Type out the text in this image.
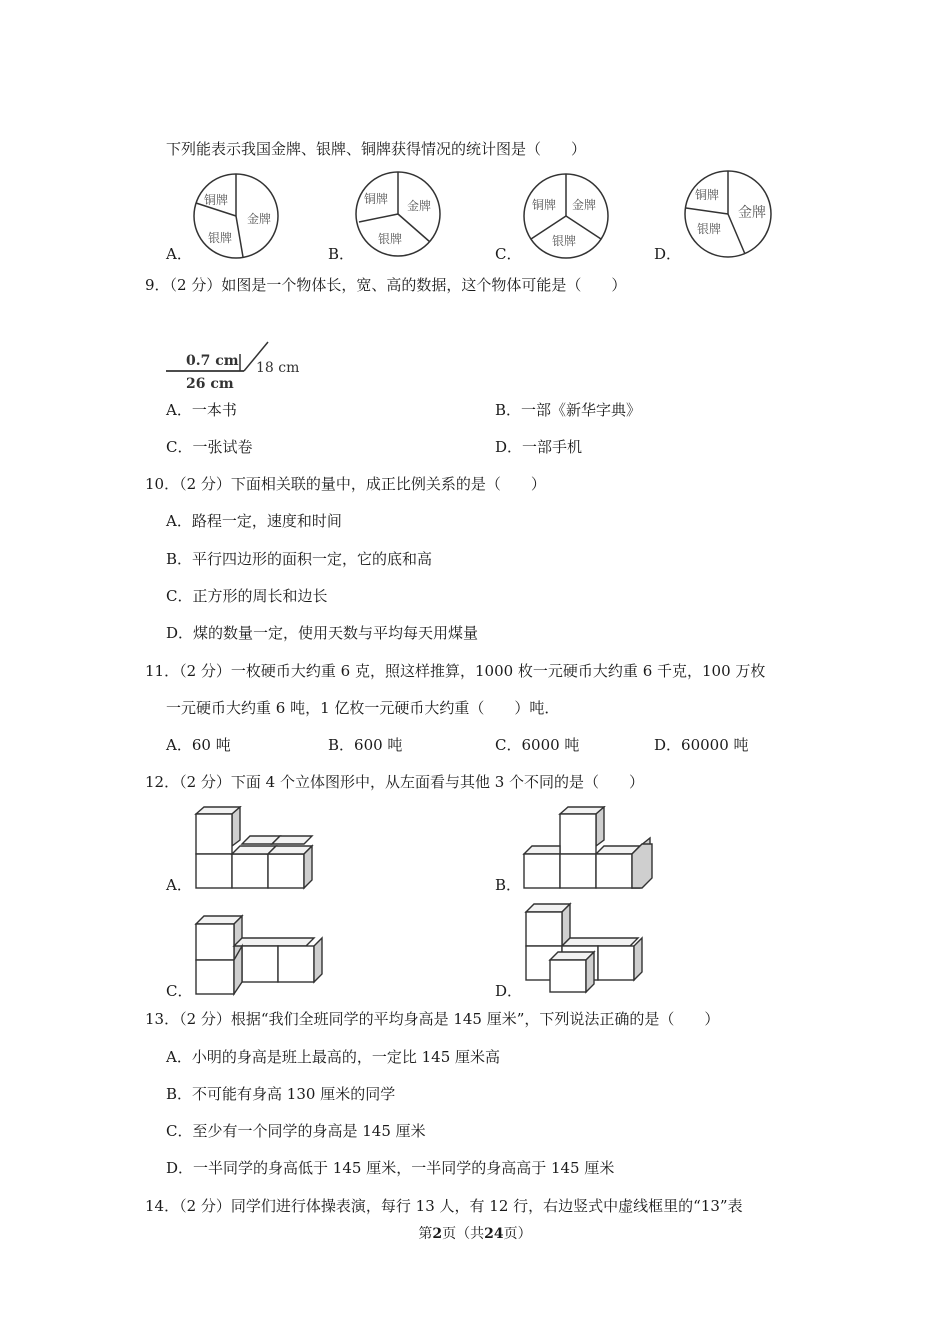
下列能表示我国金牌、银牌、铜牌获得情况的统计图是（　　）
A．
铜牌
金牌
银牌
B．
铜牌 金牌
银牌
C．
铜牌 金牌
银牌
D．
铜牌
金牌
银牌
9．（2 分）如图是一个物体长，宽、高的数据，这个物体可能是（　　）
0.7 cm 18 cm
26 cm
A．一本书	B．一部《新华字典》
C．一张试卷	D．一部手机
10．（2 分）下面相关联的量中，成正比例关系的是（　　）
A．路程一定，速度和时间
B．平行四边形的面积一定，它的底和高
C．正方形的周长和边长
D．煤的数量一定，使用天数与平均每天用煤量
11．（2 分）一枚硬币大约重 6 克，照这样推算，1000 枚一元硬币大约重 6 千克，100 万枚
一元硬币大约重 6 吨，1 亿枚一元硬币大约重（　　）吨．
A．60 吨	B．600 吨	C．6000 吨	D．60000 吨
12．（2 分）下面 4 个立体图形中，从左面看与其他 3 个不同的是（　　）
A．	B．
C．	D．
13．（2 分）根据“我们全班同学的平均身高是 145 厘米”，下列说法正确的是（　　）
A．小明的身高是班上最高的，一定比 145 厘米高
B．不可能有身高 130 厘米的同学
C．至少有一个同学的身高是 145 厘米
D．一半同学的身高低于 145 厘米，一半同学的身高高于 145 厘米
14．（2 分）同学们进行体操表演，每行 13 人，有 12 行，右边竖式中虚线框里的“13”表
第2页（共24页）
